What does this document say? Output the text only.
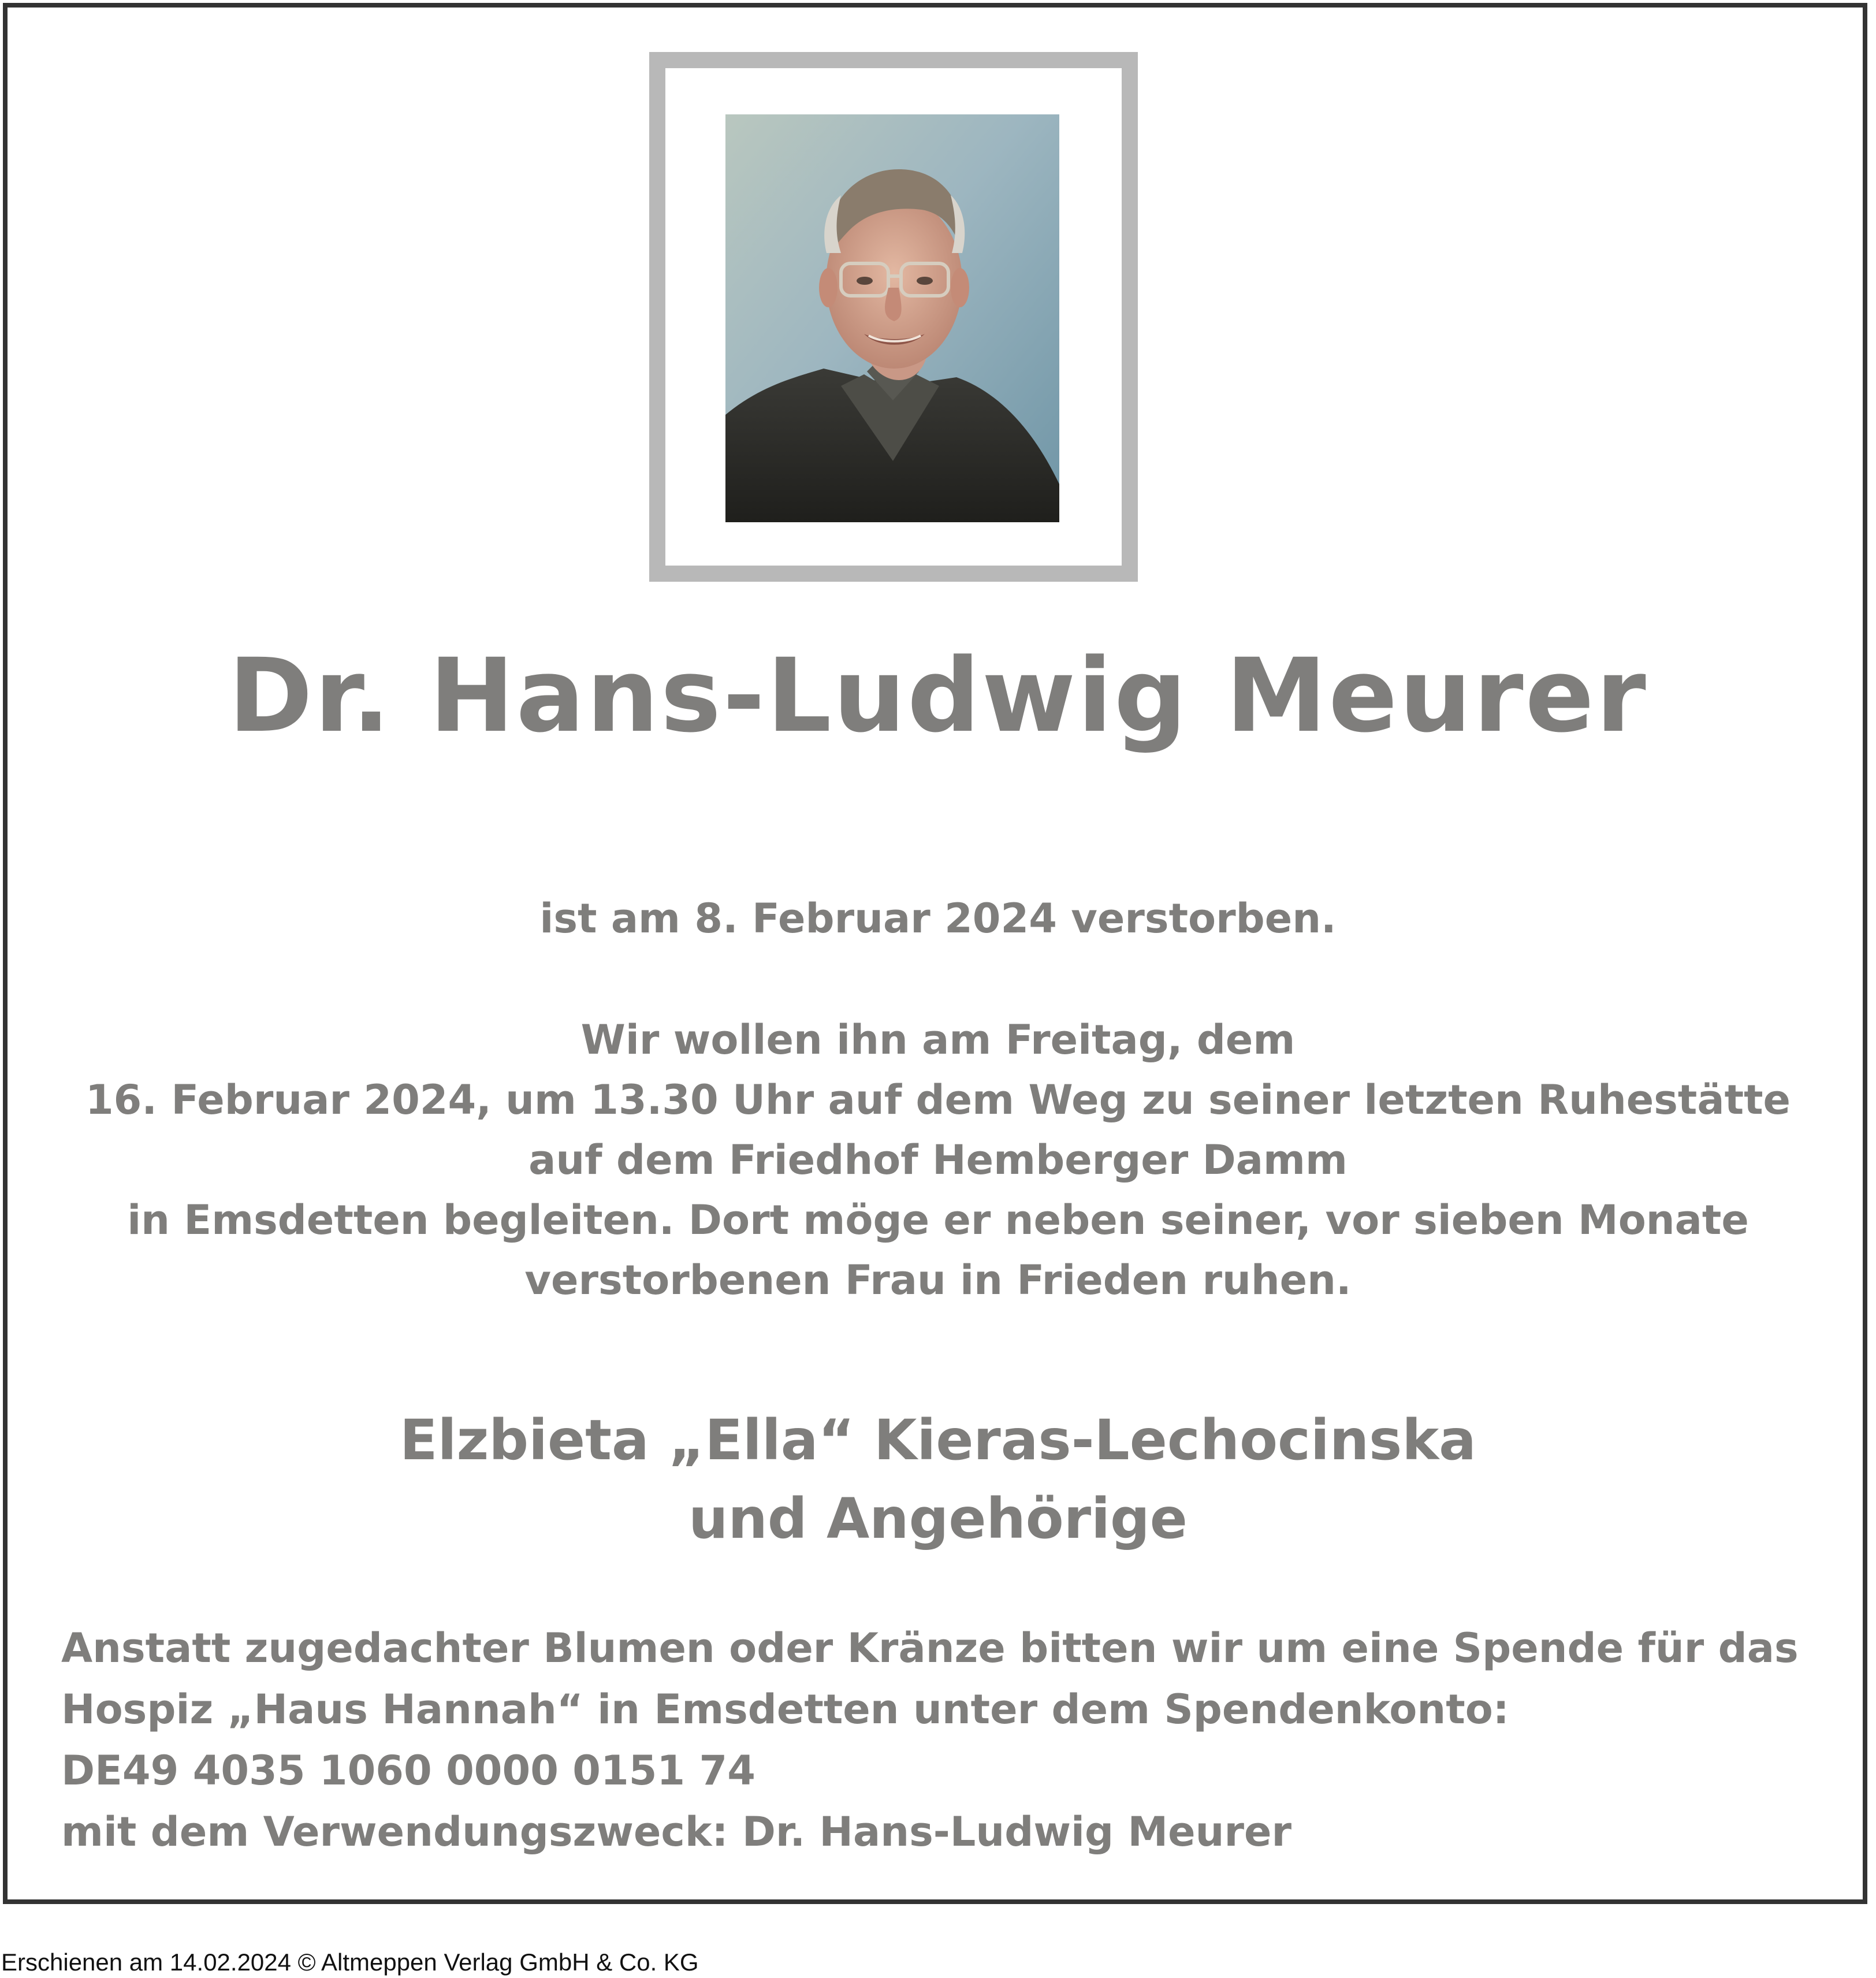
Dr. Hans-Ludwig Meurer

ist am 8. Februar 2024 verstorben.

Wir wollen ihn am Freitag, dem
16. Februar 2024, um 13.30 Uhr auf dem Weg zu seiner letzten Ruhestätte
auf dem Friedhof Hemberger Damm
in Emsdetten begleiten. Dort möge er neben seiner, vor sieben Monate
verstorbenen Frau in Frieden ruhen.
Elzbieta „Ella“ Kieras-Lechocinska
und Angehörige
Anstatt zugedachter Blumen oder Kränze bitten wir um eine Spende für das
Hospiz „Haus Hannah“ in Emsdetten unter dem Spendenkonto:
DE49 4035 1060 0000 0151 74
mit dem Verwendungszweck: Dr. Hans-Ludwig Meurer
Erschienen am 14.02.2024 © Altmeppen Verlag GmbH & Co. KG
